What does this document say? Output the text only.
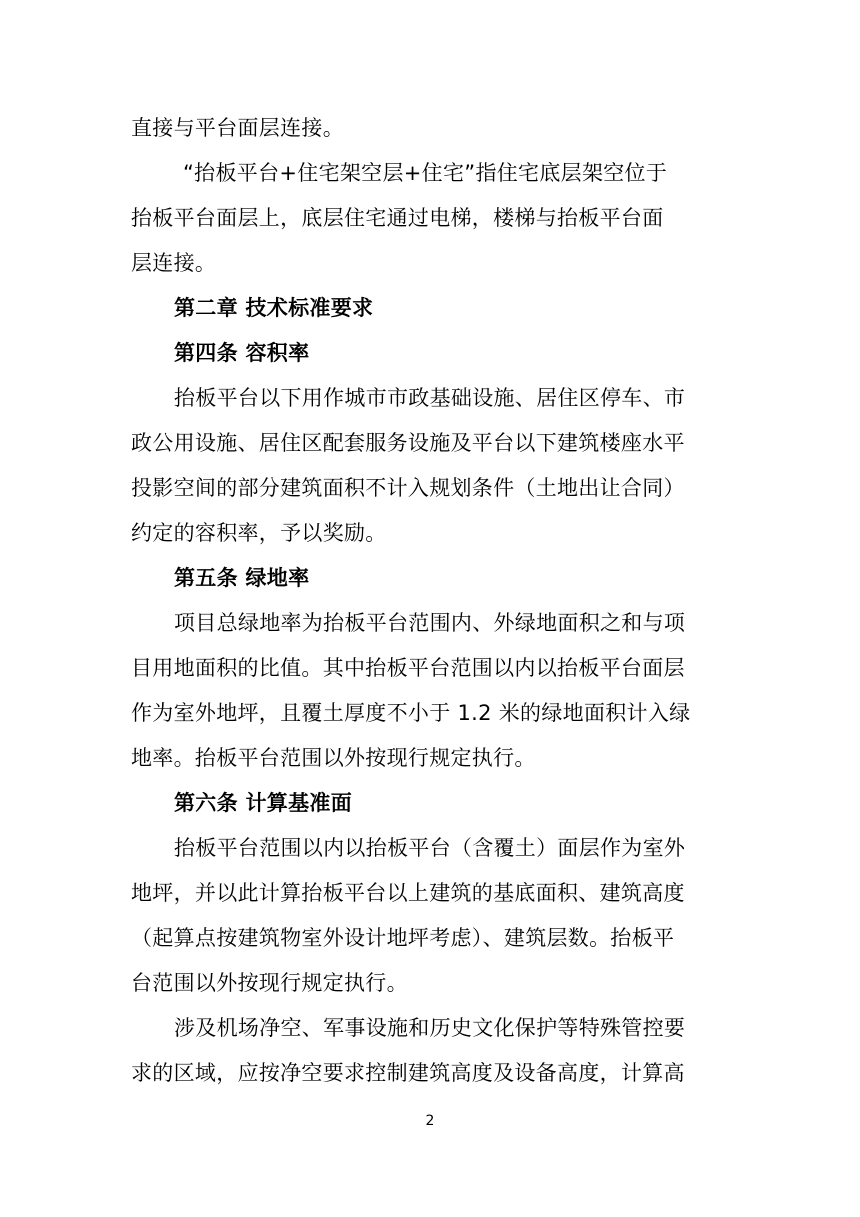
直接与平台面层连接。
“抬板平台+住宅架空层+住宅”指住宅底层架空位于
抬板平台面层上，底层住宅通过电梯，楼梯与抬板平台面
层连接。
第二章 技术标准要求
第四条 容积率
抬板平台以下用作城市市政基础设施、居住区停车、市
政公用设施、居住区配套服务设施及平台以下建筑楼座水平
投影空间的部分建筑面积不计入规划条件（土地出让合同）
约定的容积率，予以奖励。
第五条 绿地率
项目总绿地率为抬板平台范围内、外绿地面积之和与项
目用地面积的比值。其中抬板平台范围以内以抬板平台面层
作为室外地坪，且覆土厚度不小于 1.2 米的绿地面积计入绿
地率。抬板平台范围以外按现行规定执行。
第六条 计算基准面
抬板平台范围以内以抬板平台（含覆土）面层作为室外
地坪，并以此计算抬板平台以上建筑的基底面积、建筑高度
（起算点按建筑物室外设计地坪考虑）、建筑层数。抬板平
台范围以外按现行规定执行。
涉及机场净空、军事设施和历史文化保护等特殊管控要
求的区域，应按净空要求控制建筑高度及设备高度，计算高
2
